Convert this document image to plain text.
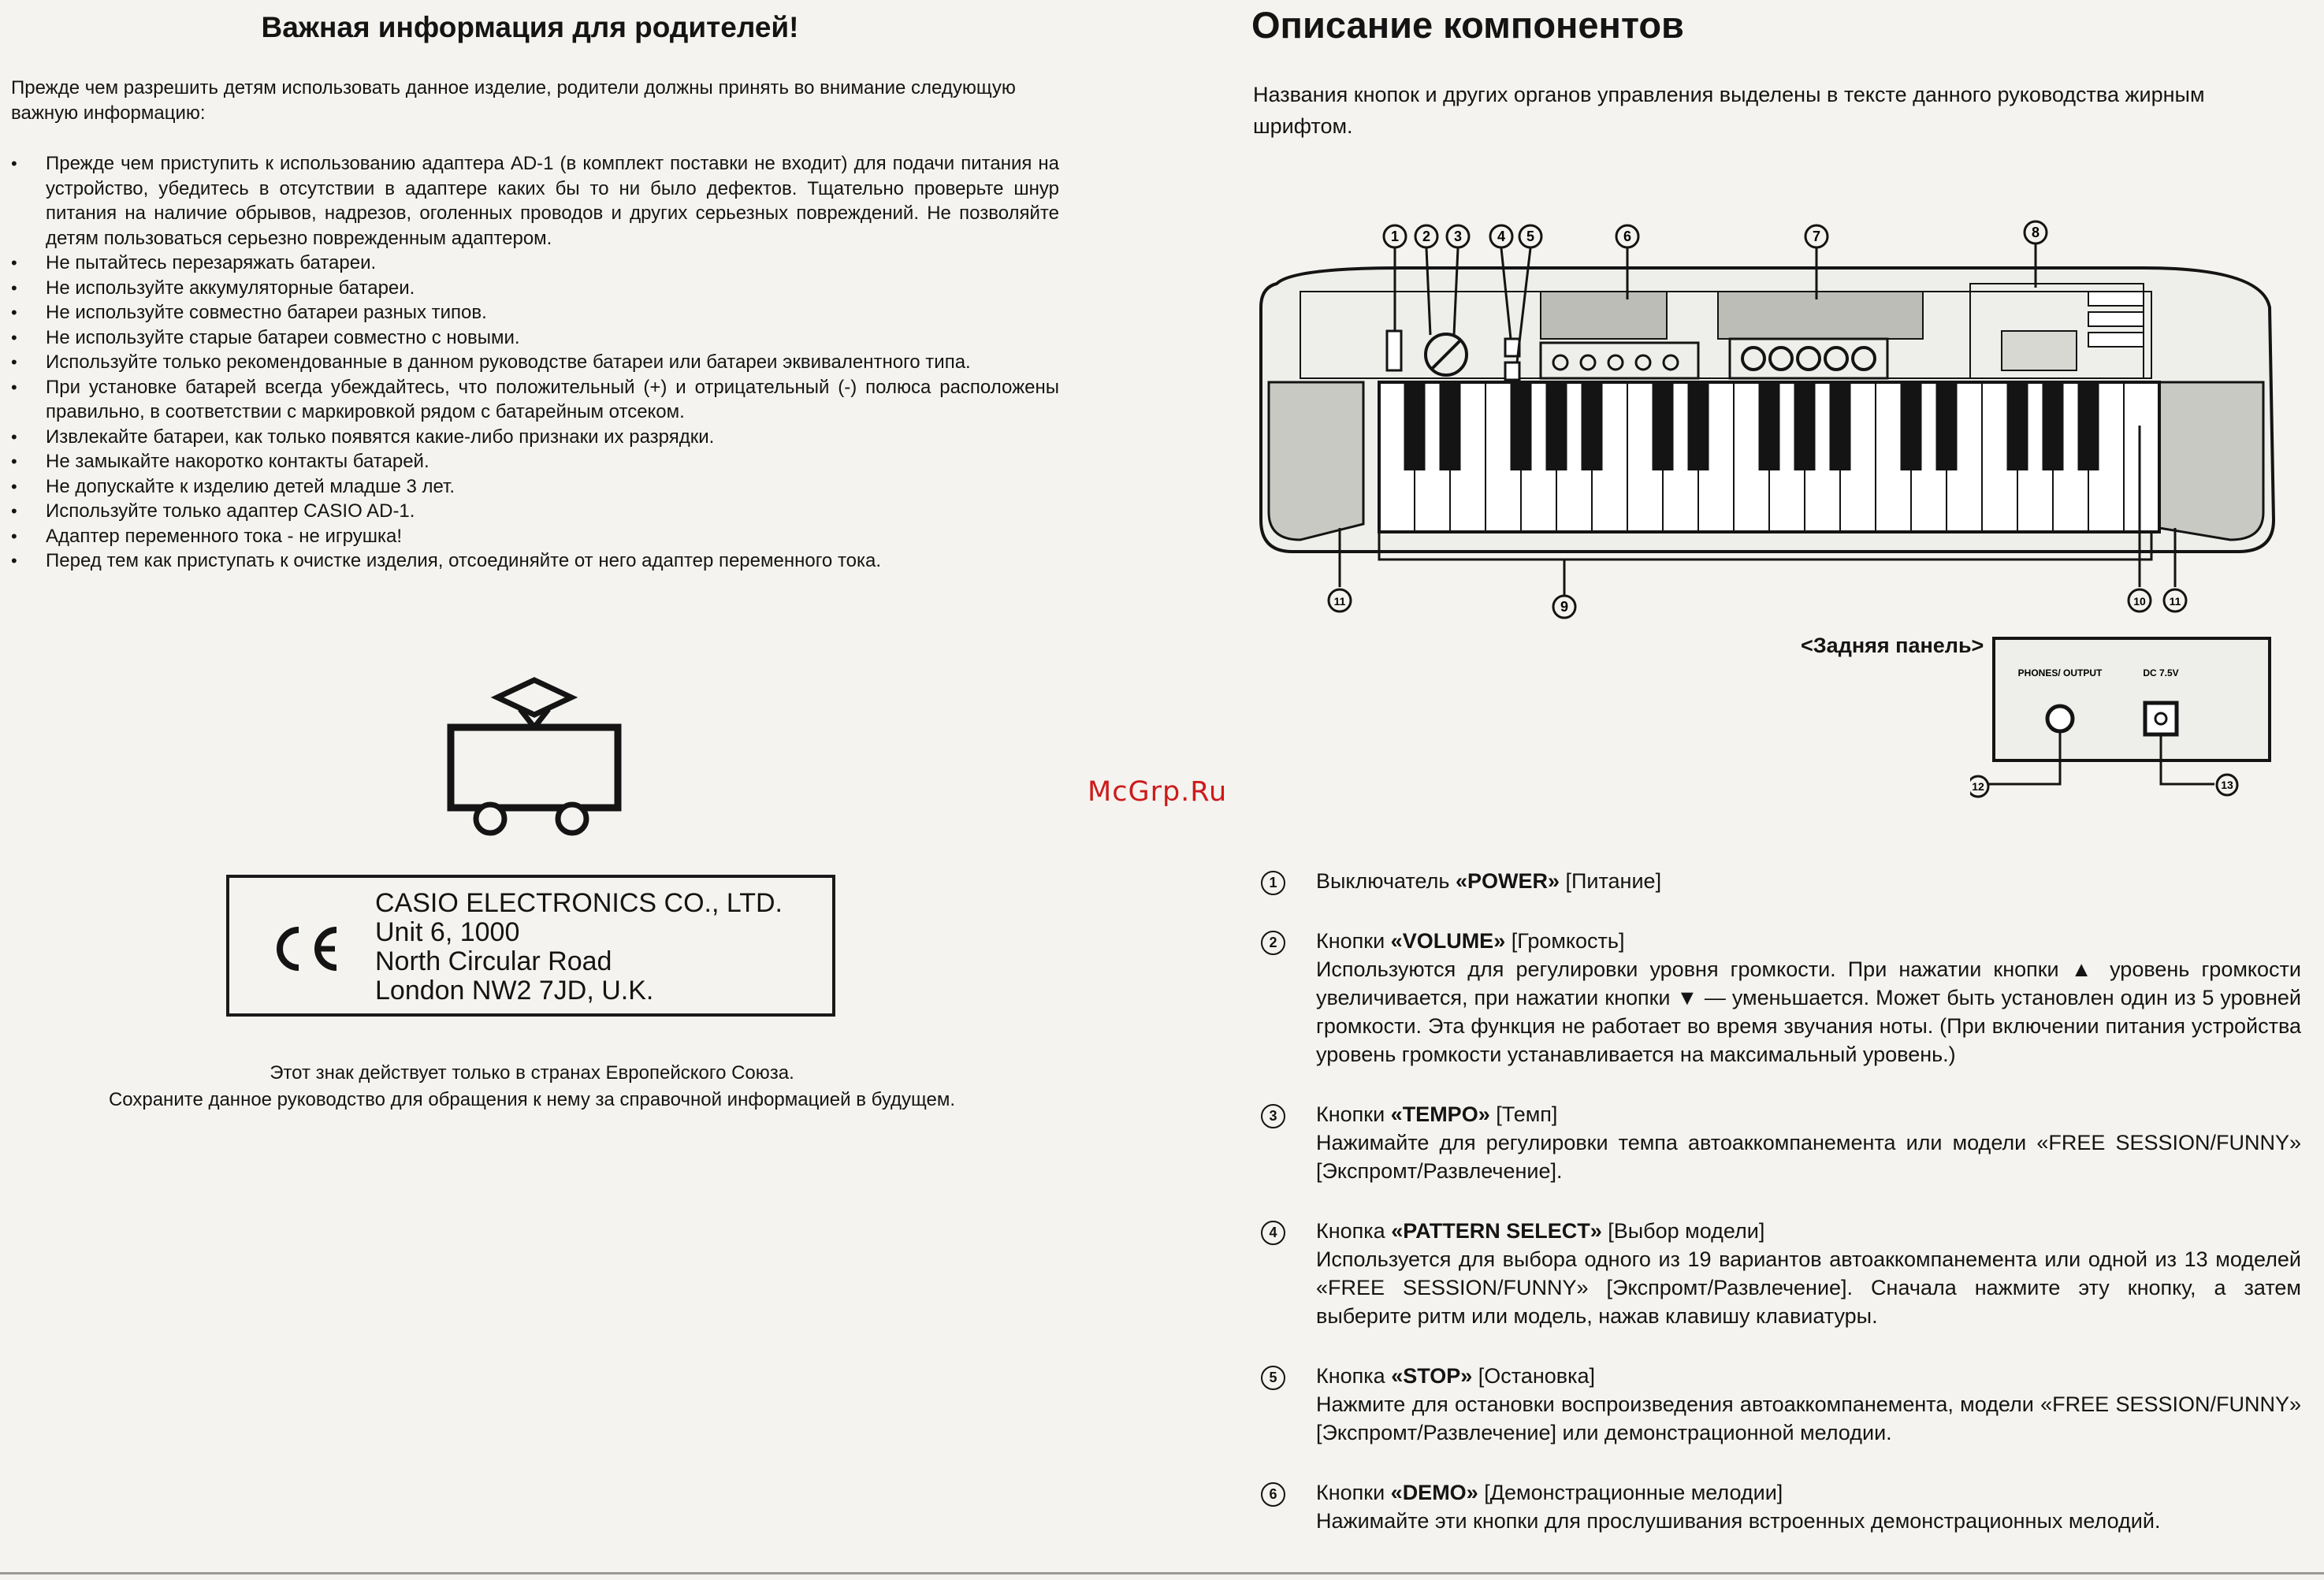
Важная информация для родителей!
Прежде чем разрешить детям использовать данное изделие, родители должны принять во внимание следующую важную информацию:
• Прежде чем приступить к использованию адаптера AD-1 (в комплект поставки не входит) для подачи питания на устройство, убедитесь в отсутствии в адаптере каких бы то ни было дефектов. Тщательно проверьте шнур питания на наличие обрывов, надрезов, оголенных проводов и других серьезных повреждений. Не позволяйте детям пользоваться серьезно поврежденным адаптером.
• Не пытайтесь перезаряжать батареи.
• Не используйте аккумуляторные батареи.
• Не используйте совместно батареи разных типов.
• Не используйте старые батареи совместно с новыми.
• Используйте только рекомендованные в данном руководстве батареи или батареи эквивалентного типа.
• При установке батарей всегда убеждайтесь, что положительный (+) и отрицательный (-) полюса расположены правильно, в соответствии с маркировкой рядом с батарейным отсеком.
• Извлекайте батареи, как только появятся какие-либо признаки их разрядки.
• Не замыкайте накоротко контакты батарей.
• Не допускайте к изделию детей младше 3 лет.
• Используйте только адаптер CASIO AD-1.
• Адаптер переменного тока - не игрушка!
• Перед тем как приступать к очистке изделия, отсоединяйте от него адаптер переменного тока.
CASIO ELECTRONICS CO., LTD.
Unit 6, 1000
North Circular Road
London NW2 7JD, U.K.
Этот знак действует только в странах Европейского Союза.
Сохраните данное руководство для обращения к нему за справочной информацией в будущем.
Описание компонентов
Названия кнопок и других органов управления выделены в тексте данного руководства жирным шрифтом.
1 2 3 4 5	6	7	8
9	10
11	11
<Задняя панель>
PHONES/ OUTPUT	DC 7.5V
12	13
1	Выключатель «POWER» [Питание]
2	Кнопки «VOLUME» [Громкость]
Используются для регулировки уровня громкости. При нажатии кнопки ▲ уровень громкости увеличивается, при нажатии кнопки ▼ — уменьшается. Может быть установлен один из 5 уровней громкости. Эта функция не работает во время звучания ноты. (При включении питания устройства уровень громкости устанавливается на максимальный уровень.)
3	Кнопки «TEMPO» [Темп]
Нажимайте для регулировки темпа автоаккомпанемента или модели «FREE SESSION/FUNNY» [Экспромт/Развлечение].
4	Кнопка «PATTERN SELECT» [Выбор модели]
Используется для выбора одного из 19 вариантов автоаккомпанемента или одной из 13 моделей «FREE SESSION/FUNNY» [Экспромт/Развлечение]. Сначала нажмите эту кнопку, а затем выберите ритм или модель, нажав клавишу клавиатуры.
5	Кнопка «STOP» [Остановка]
Нажмите для остановки воспроизведения автоаккомпанемента, модели «FREE SESSION/FUNNY» [Экспромт/Развлечение] или демонстрационной мелодии.
6	Кнопки «DEMO» [Демонстрационные мелодии]
Нажимайте эти кнопки для прослушивания встроенных демонстрационных мелодий.
McGrp.Ru
